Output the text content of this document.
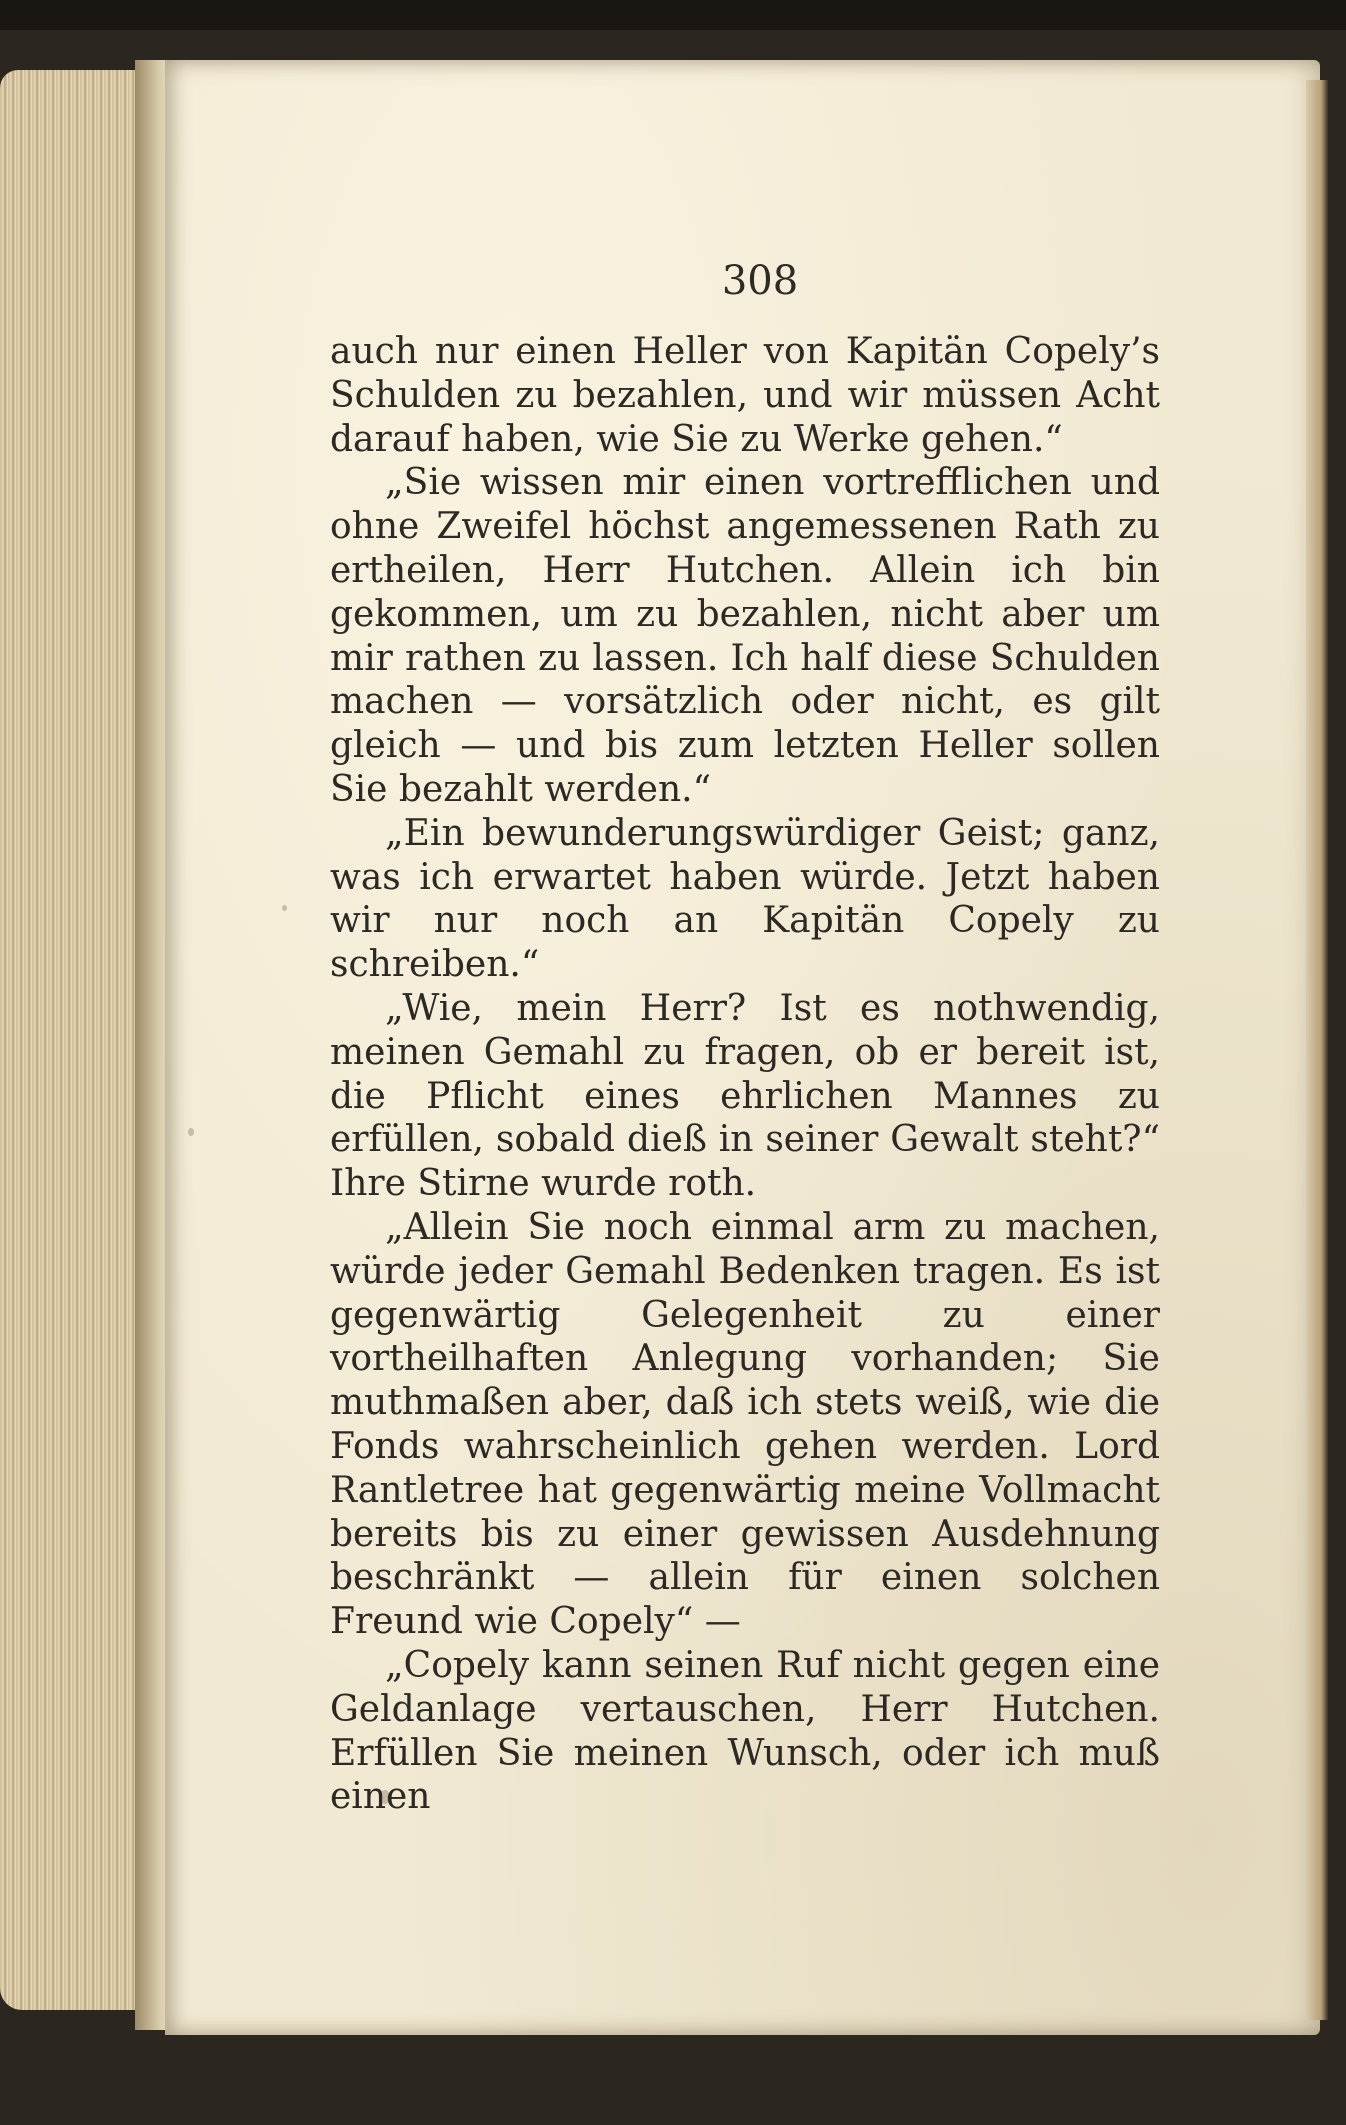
308

auch nur einen Heller von Kapitän Copely’s Schulden zu bezahlen, und wir müssen Acht darauf haben, wie Sie zu Werke gehen.“

„Sie wissen mir einen vortrefflichen und ohne Zweifel höchst angemessenen Rath zu ertheilen, Herr Hutchen. Allein ich bin gekommen, um zu bezahlen, nicht aber um mir rathen zu lassen. Ich half diese Schulden machen — vorsätzlich oder nicht, es gilt gleich — und bis zum letzten Heller sollen Sie bezahlt werden.“

„Ein bewunderungswürdiger Geist; ganz, was ich erwartet haben würde. Jetzt haben wir nur noch an Kapitän Copely zu schreiben.“

„Wie, mein Herr? Ist es nothwendig, meinen Gemahl zu fragen, ob er bereit ist, die Pflicht eines ehrlichen Mannes zu erfüllen, sobald dieß in seiner Gewalt steht?“ Ihre Stirne wurde roth.

„Allein Sie noch einmal arm zu machen, würde jeder Gemahl Bedenken tragen. Es ist gegenwärtig Gelegenheit zu einer vortheilhaften Anlegung vorhanden; Sie muthmaßen aber, daß ich stets weiß, wie die Fonds wahrscheinlich gehen werden. Lord Rantletree hat gegenwärtig meine Vollmacht bereits bis zu einer gewissen Ausdehnung beschränkt — allein für einen solchen Freund wie Copely“ —

„Copely kann seinen Ruf nicht gegen eine Geldanlage vertauschen, Herr Hutchen. Erfüllen Sie meinen Wunsch, oder ich muß einen
